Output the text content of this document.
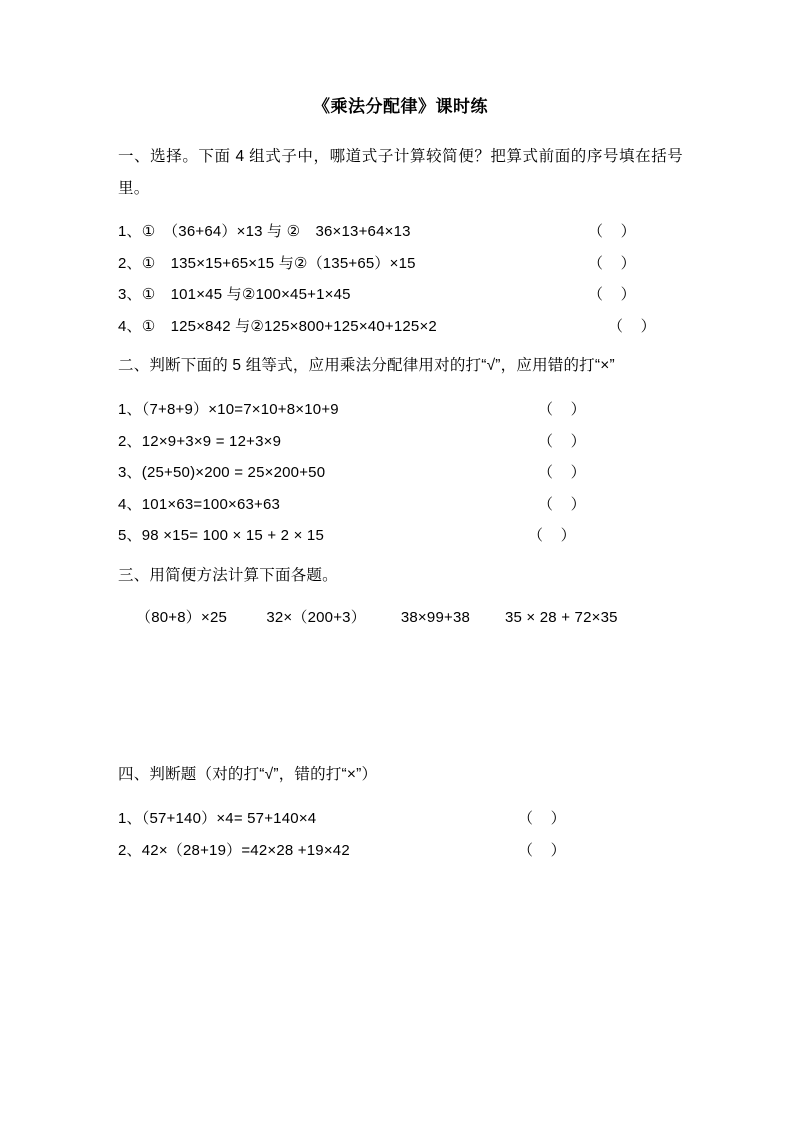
《乘法分配律》课时练
一、选择。下面 4 组式子中，哪道式子计算较简便？把算式前面的序号填在括号里。
1、①　（36+64）×13 与 ②　36×13+64×13	（    ）
2、①　135×15+65×15 与②（135+65）×15	（    ）
3、①　101×45 与②100×45+1×45	（    ）
4、①　125×842 与②125×800+125×40+125×2	（    ）
二、判断下面的 5 组等式，应用乘法分配律用对的打“√”，应用错的打“×”
1、（7+8+9）×10=7×10+8×10+9	（    ）
2、12×9+3×9 = 12+3×9	（    ）
3、(25+50)×200 = 25×200+50	（    ）
4、101×63=100×63+63	（    ）
5、98 ×15= 100 × 15 + 2 × 15	（    ）
三、用简便方法计算下面各题。
（80+8）×25         32×（200+3）        38×99+38        35 × 28 + 72×35
四、判断题（对的打“√”，错的打“×”）
1、（57+140）×4= 57+140×4	（    ）
2、42×（28+19）=42×28 +19×42	（    ）
